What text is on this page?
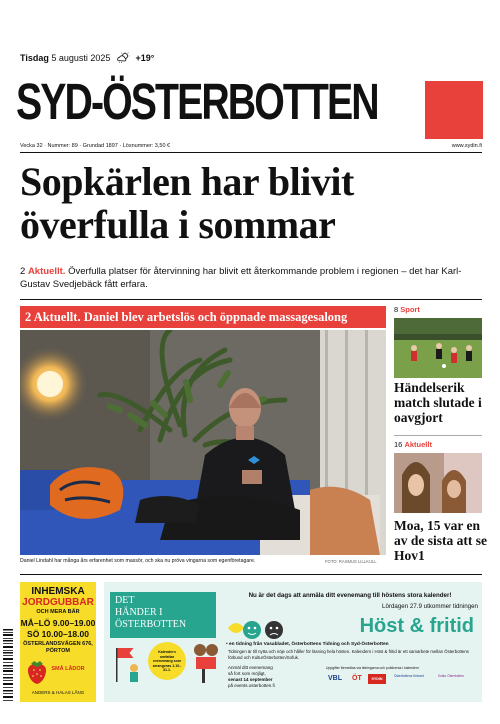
Tisdag 5 augusti 2025	+19°
SYD-ÖSTERBOTTEN
Vecka 32 · Nummer: 89 · Grundad 1897 · Lösnummer: 3,50 €	www.sydin.fi
Sopkärlen har blivit överfulla i sommar
2 Aktuellt. Överfulla platser för återvinning har blivit ett återkommande problem i regionen – det har Karl-Gustav Svedjebäck fått erfara.
2 Aktuellt. Daniel blev arbetslös och öppnade massagesalong
Daniel Lindahl har många års erfarenhet som massör, och ska nu pröva vingarna som egenföretagare.	FOTO: RASMUS LILLKULL
8 Sport
Händelserik match slutade i oavgjort
16 Aktuellt
Moa, 15 var en av de sista att se Hov1
INHEMSKA
JORDGUBBAR
OCH MERA BÄR
MÅ–LÖ 9.00–19.00
SÖ 10.00–18.00
ÖSTERLANDSVÄGEN 676,
PÖRTOM
SMÅ LÅDOR
ANDERS & HALAS LÅNG
DET
HÄNDER I
ÖSTERBOTTEN
Kalendern omfattar evenemang som arrangeras 1.10–31.1.
Nu är det dags att anmäla ditt evenemang till höstens stora kalender!
Lördagen 27.9 utkommer tidningen
Höst & fritid
• en tidning från Vasabladet, Österbottens Tidning och Syd-Österbotten
Tidningen är till nytta och nöje och håller för läsning hela hösten. Kalendern i Höst & fritid är ett samarbete mellan Österbottens förbund och KulturÖsterbotten/Sofuk.
Anmäl ditt evenemang
så fort som möjligt,
senast 14 september
på events.osterbotten.fi
Uppgifter förmedlas via tidningarna och publiceras i kalendern
VBL ÖT	SYDIN
Österbottens förbund	Kultur Österbotten
